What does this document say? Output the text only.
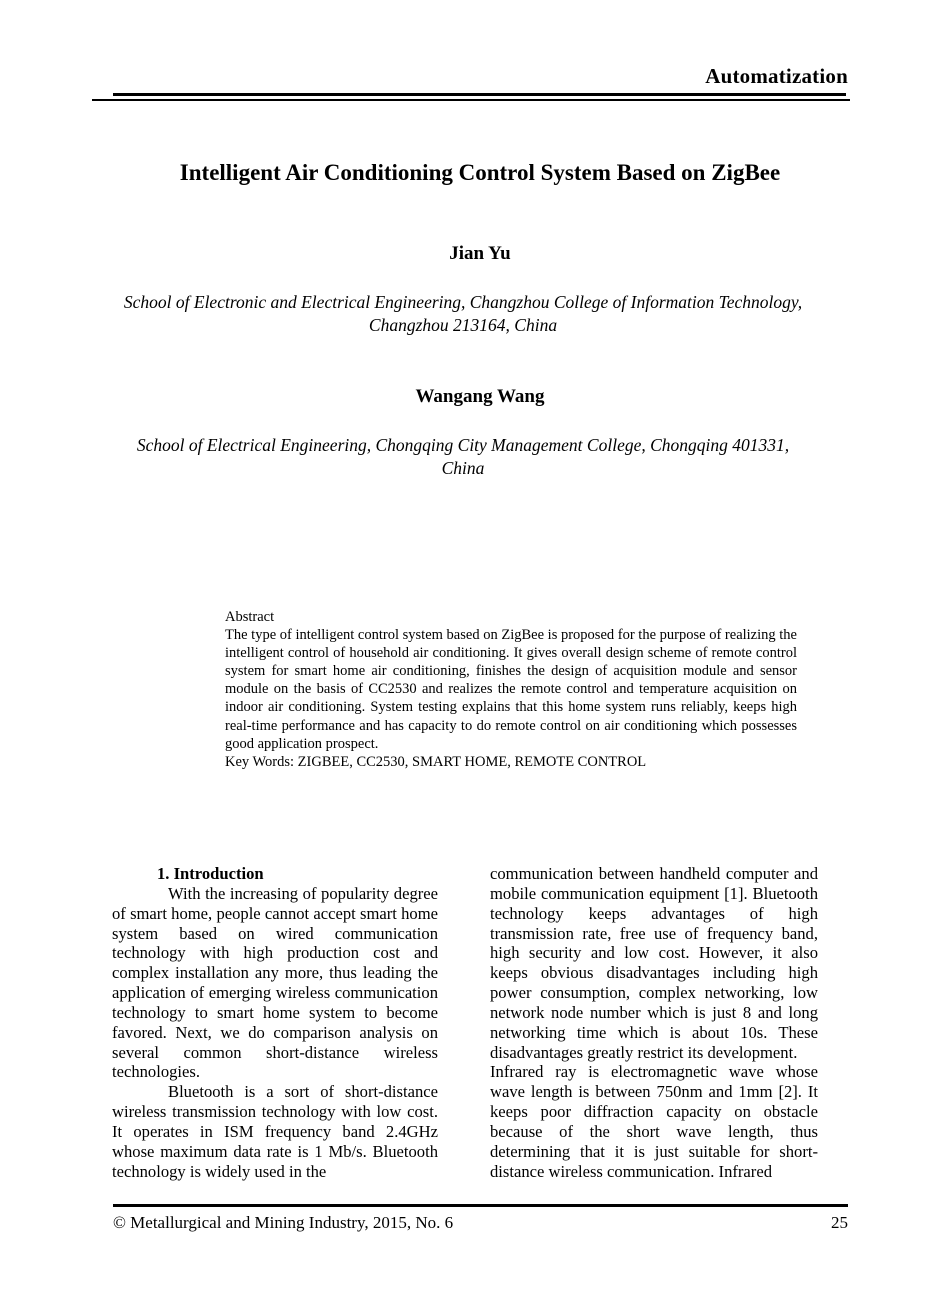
Automatization
Intelligent Air Conditioning Control System Based on ZigBee
Jian Yu
School of Electronic and Electrical Engineering, Changzhou College of Information Technology,
Changzhou 213164, China
Wangang Wang
School of Electrical Engineering, Chongqing City Management College, Chongqing 401331,
China
Abstract
The type of intelligent control system based on ZigBee is proposed for the purpose of realizing the intelligent control of household air conditioning. It gives overall design scheme of remote control system for smart home air conditioning, finishes the design of acquisition module and sensor module on the basis of CC2530 and realizes the remote control and temperature acquisition on indoor air conditioning. System testing explains that this home system runs reliably, keeps high real-time performance and has capacity to do remote control on air conditioning which possesses good application prospect.
Key Words: ZIGBEE, CC2530, SMART HOME, REMOTE CONTROL

1. Introduction

With the increasing of popularity degree of smart home, people cannot accept smart home system based on wired communication technology with high production cost and complex installation any more, thus leading the application of emerging wireless communication technology to smart home system to become favored. Next, we do comparison analysis on several common short-distance wireless technologies.

Bluetooth is a sort of short-distance wireless transmission technology with low cost. It operates in ISM frequency band 2.4GHz whose maximum data rate is 1 Mb/s. Bluetooth technology is widely used in the

communication between handheld computer and mobile communication equipment [1]. Bluetooth technology keeps advantages of high transmission rate, free use of frequency band, high security and low cost. However, it also keeps obvious disadvantages including high power consumption, complex networking, low network node number which is just 8 and long networking time which is about 10s. These disadvantages greatly restrict its development.

Infrared ray is electromagnetic wave whose wave length is between 750nm and 1mm [2]. It keeps poor diffraction capacity on obstacle because of the short wave length, thus determining that it is just suitable for short-distance wireless communication. Infrared

© Metallurgical and Mining Industry, 2015, No. 6	25
